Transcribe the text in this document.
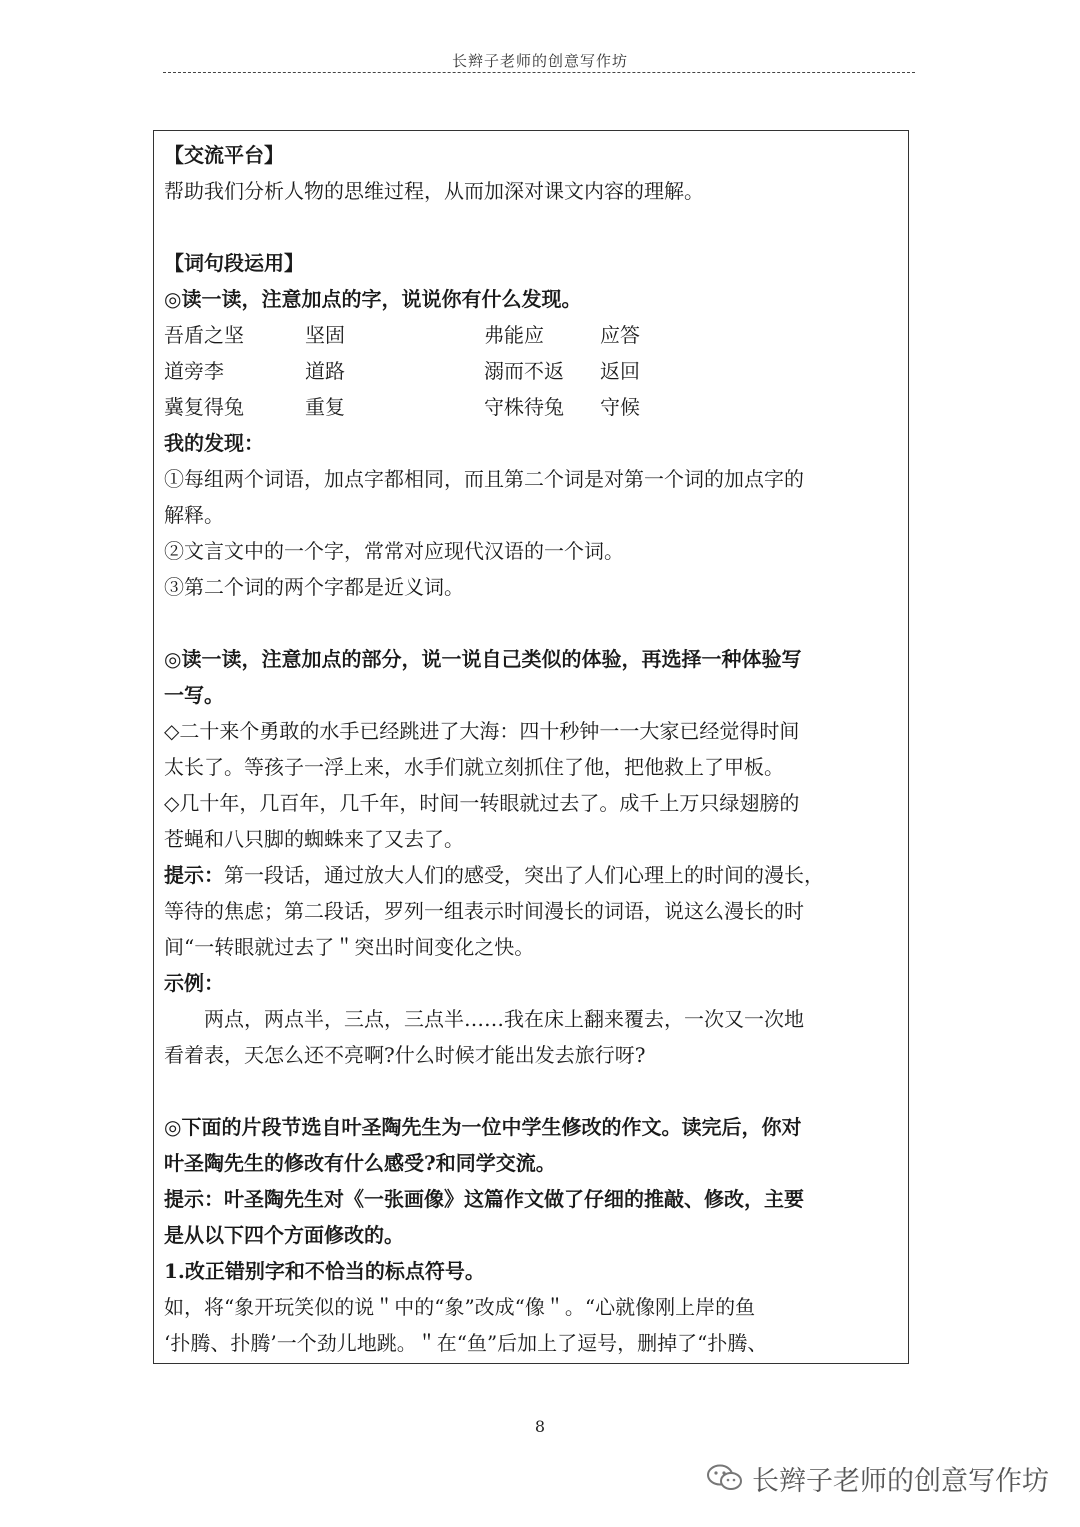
长辫子老师的创意写作坊
【交流平台】
帮助我们分析人物的思维过程，从而加深对课文内容的理解。
【词句段运用】
◎读一读，注意加点的字，说说你有什么发现。
吾盾之坚	坚固	弗能应	应答
道旁李	道路	溺而不返 返回
冀复得兔	重复	守株待兔 守候
我的发现：
①每组两个词语，加点字都相同，而且第二个词是对第一个词的加点字的
解释。
②文言文中的一个字，常常对应现代汉语的一个词。
③第二个词的两个字都是近义词。
◎读一读，注意加点的部分，说一说自己类似的体验，再选择一种体验写
一写。
◇二十来个勇敢的水手已经跳进了大海：四十秒钟一一大家已经觉得时间
太长了。等孩子一浮上来，水手们就立刻抓住了他，把他救上了甲板。
◇几十年，几百年，几千年，时间一转眼就过去了。成千上万只绿翅膀的
苍蝇和八只脚的蜘蛛来了又去了。
提示：第一段话，通过放大人们的感受，突出了人们心理上的时间的漫长，
等待的焦虑；第二段话，罗列一组表示时间漫长的词语，说这么漫长的时
间“一转眼就过去了＂突出时间变化之快。
示例：
两点，两点半，三点，三点半……我在床上翻来覆去，一次又一次地
看着表，天怎么还不亮啊?什么时候才能出发去旅行呀?
◎下面的片段节选自叶圣陶先生为一位中学生修改的作文。读完后，你对
叶圣陶先生的修改有什么感受?和同学交流。
提示：叶圣陶先生对《一张画像》这篇作文做了仔细的推敲、修改，主要
是从以下四个方面修改的。
1.改正错别字和不恰当的标点符号。
如，将“象开玩笑似的说＂中的“象”改成“像＂。“心就像刚上岸的鱼
‘扑腾、扑腾’一个劲儿地跳。＂在“鱼”后加上了逗号，删掉了“扑腾、
8
长辫子老师的创意写作坊
